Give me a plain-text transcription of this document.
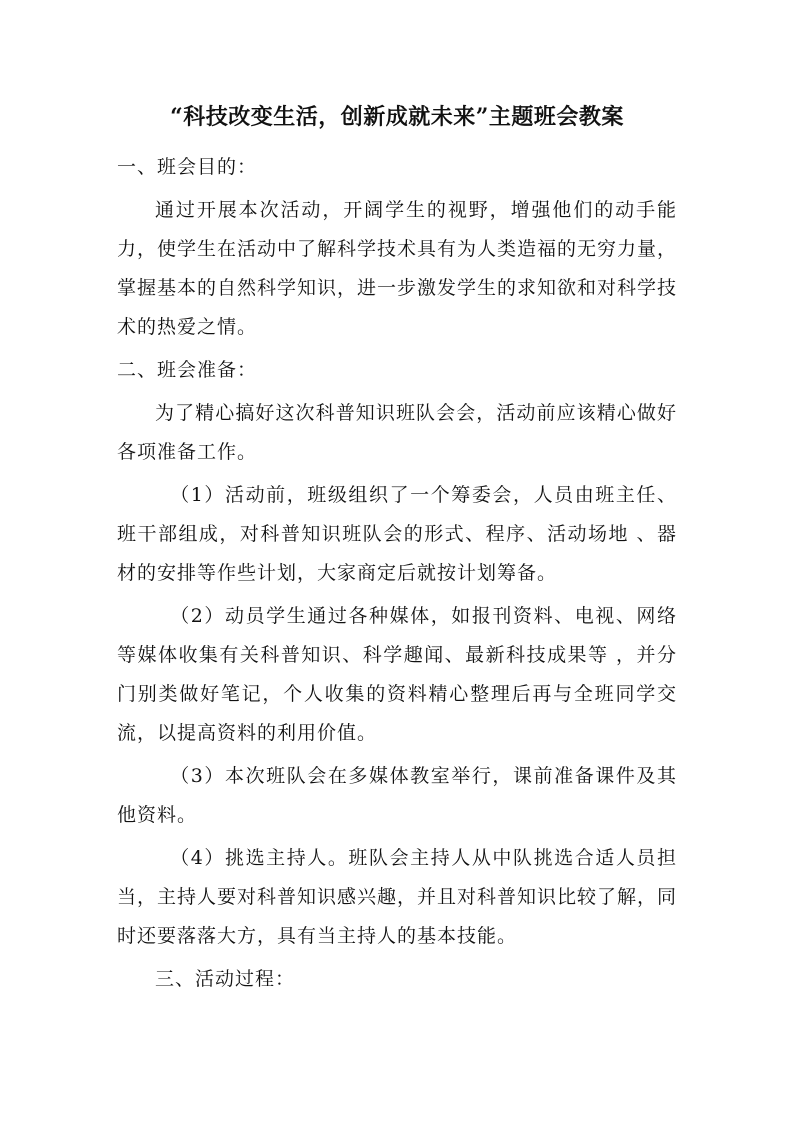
“科技改变生活，创新成就未来”主题班会教案

一、班会目的：

通过开展本次活动，开阔学生的视野，增强他们的动手能力，使学生在活动中了解科学技术具有为人类造福的无穷力量，掌握基本的自然科学知识，进一步激发学生的求知欲和对科学技术的热爱之情。

二、班会准备：

为了精心搞好这次科普知识班队会会，活动前应该精心做好各项准备工作。

（1）活动前，班级组织了一个筹委会，人员由班主任、班干部组成，对科普知识班队会的形式、程序、活动场地 、器材的安排等作些计划，大家商定后就按计划筹备。

（2）动员学生通过各种媒体，如报刊资料、电视、网络等媒体收集有关科普知识、科学趣闻、最新科技成果等 ，并分门别类做好笔记，个人收集的资料精心整理后再与全班同学交流，以提高资料的利用价值。

（3）本次班队会在多媒体教室举行，课前准备课件及其他资料。

（4）挑选主持人。班队会主持人从中队挑选合适人员担当，主持人要对科普知识感兴趣，并且对科普知识比较了解，同时还要落落大方，具有当主持人的基本技能。

三、活动过程：
